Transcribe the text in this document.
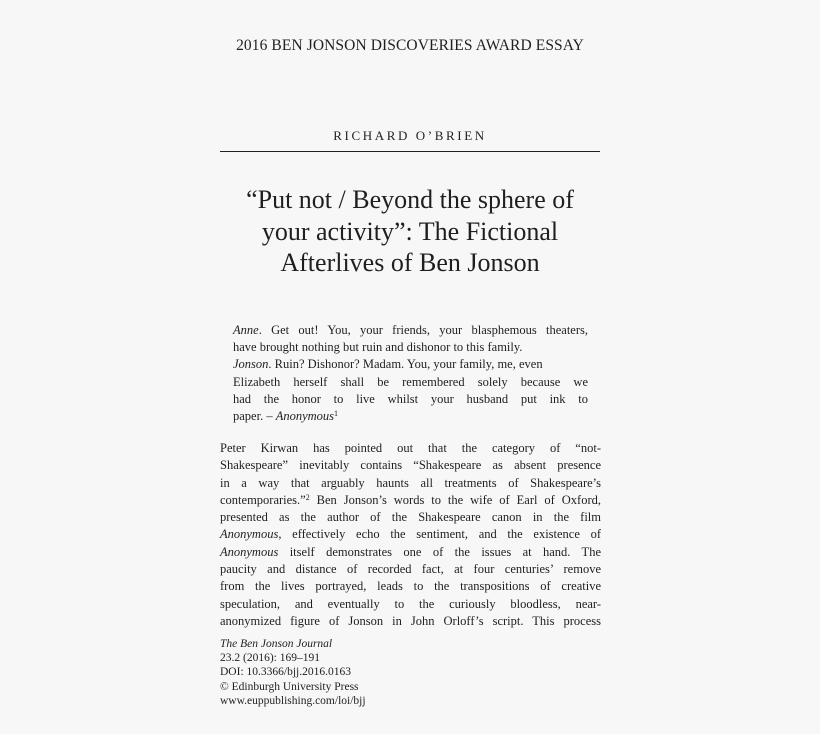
2016 BEN JONSON DISCOVERIES AWARD ESSAY
RICHARD O’BRIEN
“Put not / Beyond the sphere of
your activity”: The Fictional
Afterlives of Ben Jonson
Anne. Get out! You, your friends, your blasphemous theaters,
have brought nothing but ruin and dishonor to this family.
Jonson. Ruin? Dishonor? Madam. You, your family, me, even
Elizabeth herself shall be remembered solely because we
had the honor to live whilst your husband put ink to
paper. – Anonymous$^1$
Peter Kirwan has pointed out that the category of “not-
Shakespeare” inevitably contains “Shakespeare as absent presence
in a way that arguably haunts all treatments of Shakespeare’s
contemporaries.”$^2$ Ben Jonson’s words to the wife of Earl of Oxford,
presented as the author of the Shakespeare canon in the film
Anonymous, effectively echo the sentiment, and the existence of
Anonymous itself demonstrates one of the issues at hand. The
paucity and distance of recorded fact, at four centuries’ remove
from the lives portrayed, leads to the transpositions of creative
speculation, and eventually to the curiously bloodless, near-
anonymized figure of Jonson in John Orloff’s script. This process
The Ben Jonson Journal
23.2 (2016): 169–191
DOI: 10.3366/bjj.2016.0163
© Edinburgh University Press
www.euppublishing.com/loi/bjj
